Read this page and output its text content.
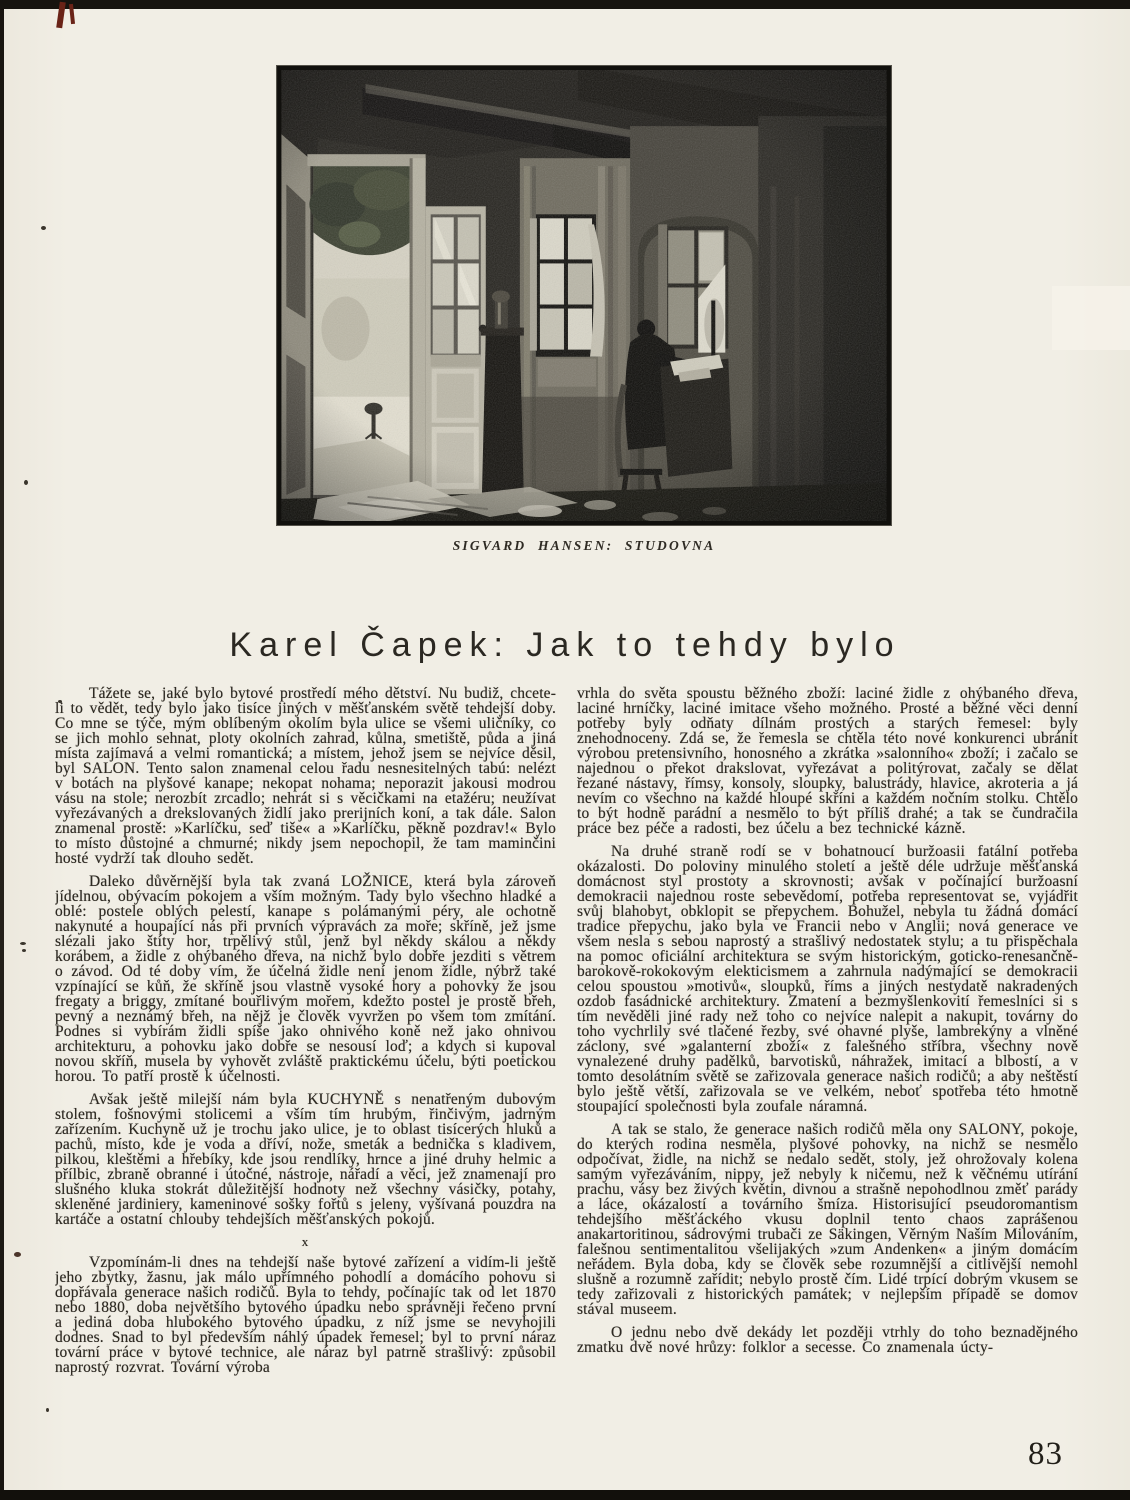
SIGVARD HANSEN: STUDOVNA
Karel Čapek: Jak to tehdy bylo

Tážete se, jaké bylo bytové prostředí mého dětství. Nu budiž, chcete-li to vědět, tedy bylo jako tisíce jiných v měšťanském světě tehdejší doby. Co mne se týče, mým oblíbeným okolím byla ulice se všemi uličníky, co se jich mohlo sehnat, ploty okolních zahrad, kůlna, smetiště, půda a jiná místa zajímavá a velmi romantická; a místem, jehož jsem se nejvíce děsil, byl SALON. Tento salon znamenal celou řadu nesnesitelných tabú: nelézt v botách na plyšové kanape; nekopat nohama; neporazit jakousi modrou vásu na stole; nerozbít zrcadlo; nehrát si s věcičkami na etažéru; neužívat vyřezávaných a drekslovaných židlí jako prerijních koní, a tak dále. Salon znamenal prostě: »Karlíčku, seď tiše« a »Karlíčku, pěkně pozdrav!« Bylo to místo důstojné a chmurné; nikdy jsem nepochopil, že tam maminčini hosté vydrží tak dlouho sedět.

Daleko důvěrnější byla tak zvaná LOŽNICE, která byla zároveň jídelnou, obývacím pokojem a vším možným. Tady bylo všechno hladké a oblé: postele oblých pelestí, kanape s polámanými péry, ale ochotně nakynuté a houpající nás při prvních výpravách za moře; skříně, jež jsme slézali jako štíty hor, trpělivý stůl, jenž byl někdy skálou a někdy korábem, a židle z ohýbaného dřeva, na nichž bylo dobře jezditi s větrem o závod. Od té doby vím, že účelná židle není jenom židle, nýbrž také vzpínající se kůň, že skříně jsou vlastně vysoké hory a pohovky že jsou fregaty a briggy, zmítané bouřlivým mořem, kdežto postel je prostě břeh, pevný a neznámý břeh, na nějž je člověk vyvržen po všem tom zmítání. Podnes si vybírám židli spíše jako ohnivého koně než jako ohnivou architekturu, a pohovku jako dobře se nesousí loď; a kdych si kupoval novou skříň, musela by vyhovět zvláště praktickému účelu, býti poetickou horou. To patří prostě k účelnosti.

Avšak ještě milejší nám byla KUCHYNĚ s nenatřeným dubovým stolem, fošnovými stolicemi a vším tím hrubým, řinčivým, jadrným zařízením. Kuchyně už je trochu jako ulice, je to oblast tisícerých hluků a pachů, místo, kde je voda a dříví, nože, smeták a bednička s kladivem, pilkou, kleštěmi a hřebíky, kde jsou rendlíky, hrnce a jiné druhy helmic a přílbic, zbraně obranné i útočné, nástroje, nářadí a věci, jež znamenají pro slušného kluka stokrát důležitější hodnoty než všechny vásičky, potahy, skleněné jardiniery, kameninové sošky fořtů s jeleny, vyšívaná pouzdra na kartáče a ostatní chlouby tehdejších měšťanských pokojů.

x

Vzpomínám-li dnes na tehdejší naše bytové zařízení a vidím-li ještě jeho zbytky, žasnu, jak málo upřímného pohodlí a domácího pohovu si dopřávala generace našich rodičů. Byla to tehdy, počínajíc tak od let 1870 nebo 1880, doba největšího bytového úpadku nebo správněji řečeno první a jediná doba hlubokého bytového úpadku, z níž jsme se nevyhojili dodnes. Snad to byl především náhlý úpadek řemesel; byl to první náraz tovární práce v bytové technice, ale náraz byl patrně strašlivý: způsobil naprostý rozvrat. Tovární výroba

vrhla do světa spoustu běžného zboží: laciné židle z ohýbaného dřeva, laciné hrníčky, laciné imitace všeho možného. Prosté a běžné věci denní potřeby byly odňaty dílnám prostých a starých řemesel: byly znehodnoceny. Zdá se, že řemesla se chtěla této nové konkurenci ubránit výrobou pretensivního, honosného a zkrátka »salonního« zboží; i začalo se najednou o překot drakslovat, vyřezávat a politýrovat, začaly se dělat řezané nástavy, římsy, konsoly, sloupky, balustrády, hlavice, akroteria a já nevím co všechno na každé hloupé skříni a každém nočním stolku. Chtělo to být hodně parádní a nesmělo to být příliš drahé; a tak se čundračila práce bez péče a radosti, bez účelu a bez technické kázně.

Na druhé straně rodí se v bohatnoucí buržoasii fatální potřeba okázalosti. Do poloviny minulého století a ještě déle udržuje měšťanská domácnost styl prostoty a skrovnosti; avšak v počínající buržoasní demokracii najednou roste sebevědomí, potřeba representovat se, vyjádřit svůj blahobyt, obklopit se přepychem. Bohužel, nebyla tu žádná domácí tradice přepychu, jako byla ve Francii nebo v Anglii; nová generace ve všem nesla s sebou naprostý a strašlivý nedostatek stylu; a tu přispěchala na pomoc oficiální architektura se svým historickým, goticko-renesančně-barokově-rokokovým elekticismem a zahrnula nadýmající se demokracii celou spoustou »motivů«, sloupků, říms a jiných nestydatě nakradených ozdob fasádnické architektury. Zmatení a bezmyšlenkovití řemeslníci si s tím nevěděli jiné rady než toho co nejvíce nalepit a nakupit, továrny do toho vychrlily své tlačené řezby, své ohavné plyše, lambrekýny a vlněné záclony, své »galanterní zboží« z falešného stříbra, všechny nově vynalezené druhy padělků, barvotisků, náhražek, imitací a blbostí, a v tomto desolátním světě se zařizovala generace našich rodičů; a aby neštěstí bylo ještě větší, zařizovala se ve velkém, neboť spotřeba této hmotně stoupající společnosti byla zoufale náramná.

A tak se stalo, že generace našich rodičů měla ony SALONY, pokoje, do kterých rodina nesměla, plyšové pohovky, na nichž se nesmělo odpočívat, židle, na nichž se nedalo sedět, stoly, jež ohrožovaly kolena samým vyřezáváním, nippy, jež nebyly k ničemu, než k věčnému utírání prachu, vásy bez živých květin, divnou a strašně nepohodlnou změť parády a láce, okázalostí a továrního šmíza. Historisující pseudoromantism tehdejšího měšťáckého vkusu doplnil tento chaos zaprášenou anakartoritinou, sádrovými trubači ze Säkingen, Věrným Naším Milováním, falešnou sentimentalitou všelijakých »zum Andenken« a jiným domácím neřádem. Byla doba, kdy se člověk sebe rozumnější a citlivější nemohl slušně a rozumně zařídit; nebylo prostě čím. Lidé trpící dobrým vkusem se tedy zařizovali z historických památek; v nejlepším případě se domov stával museem.

O jednu nebo dvě dekády let později vtrhly do toho beznadějného zmatku dvě nové hrůzy: folklor a secesse. Co znamenala úcty-

83
